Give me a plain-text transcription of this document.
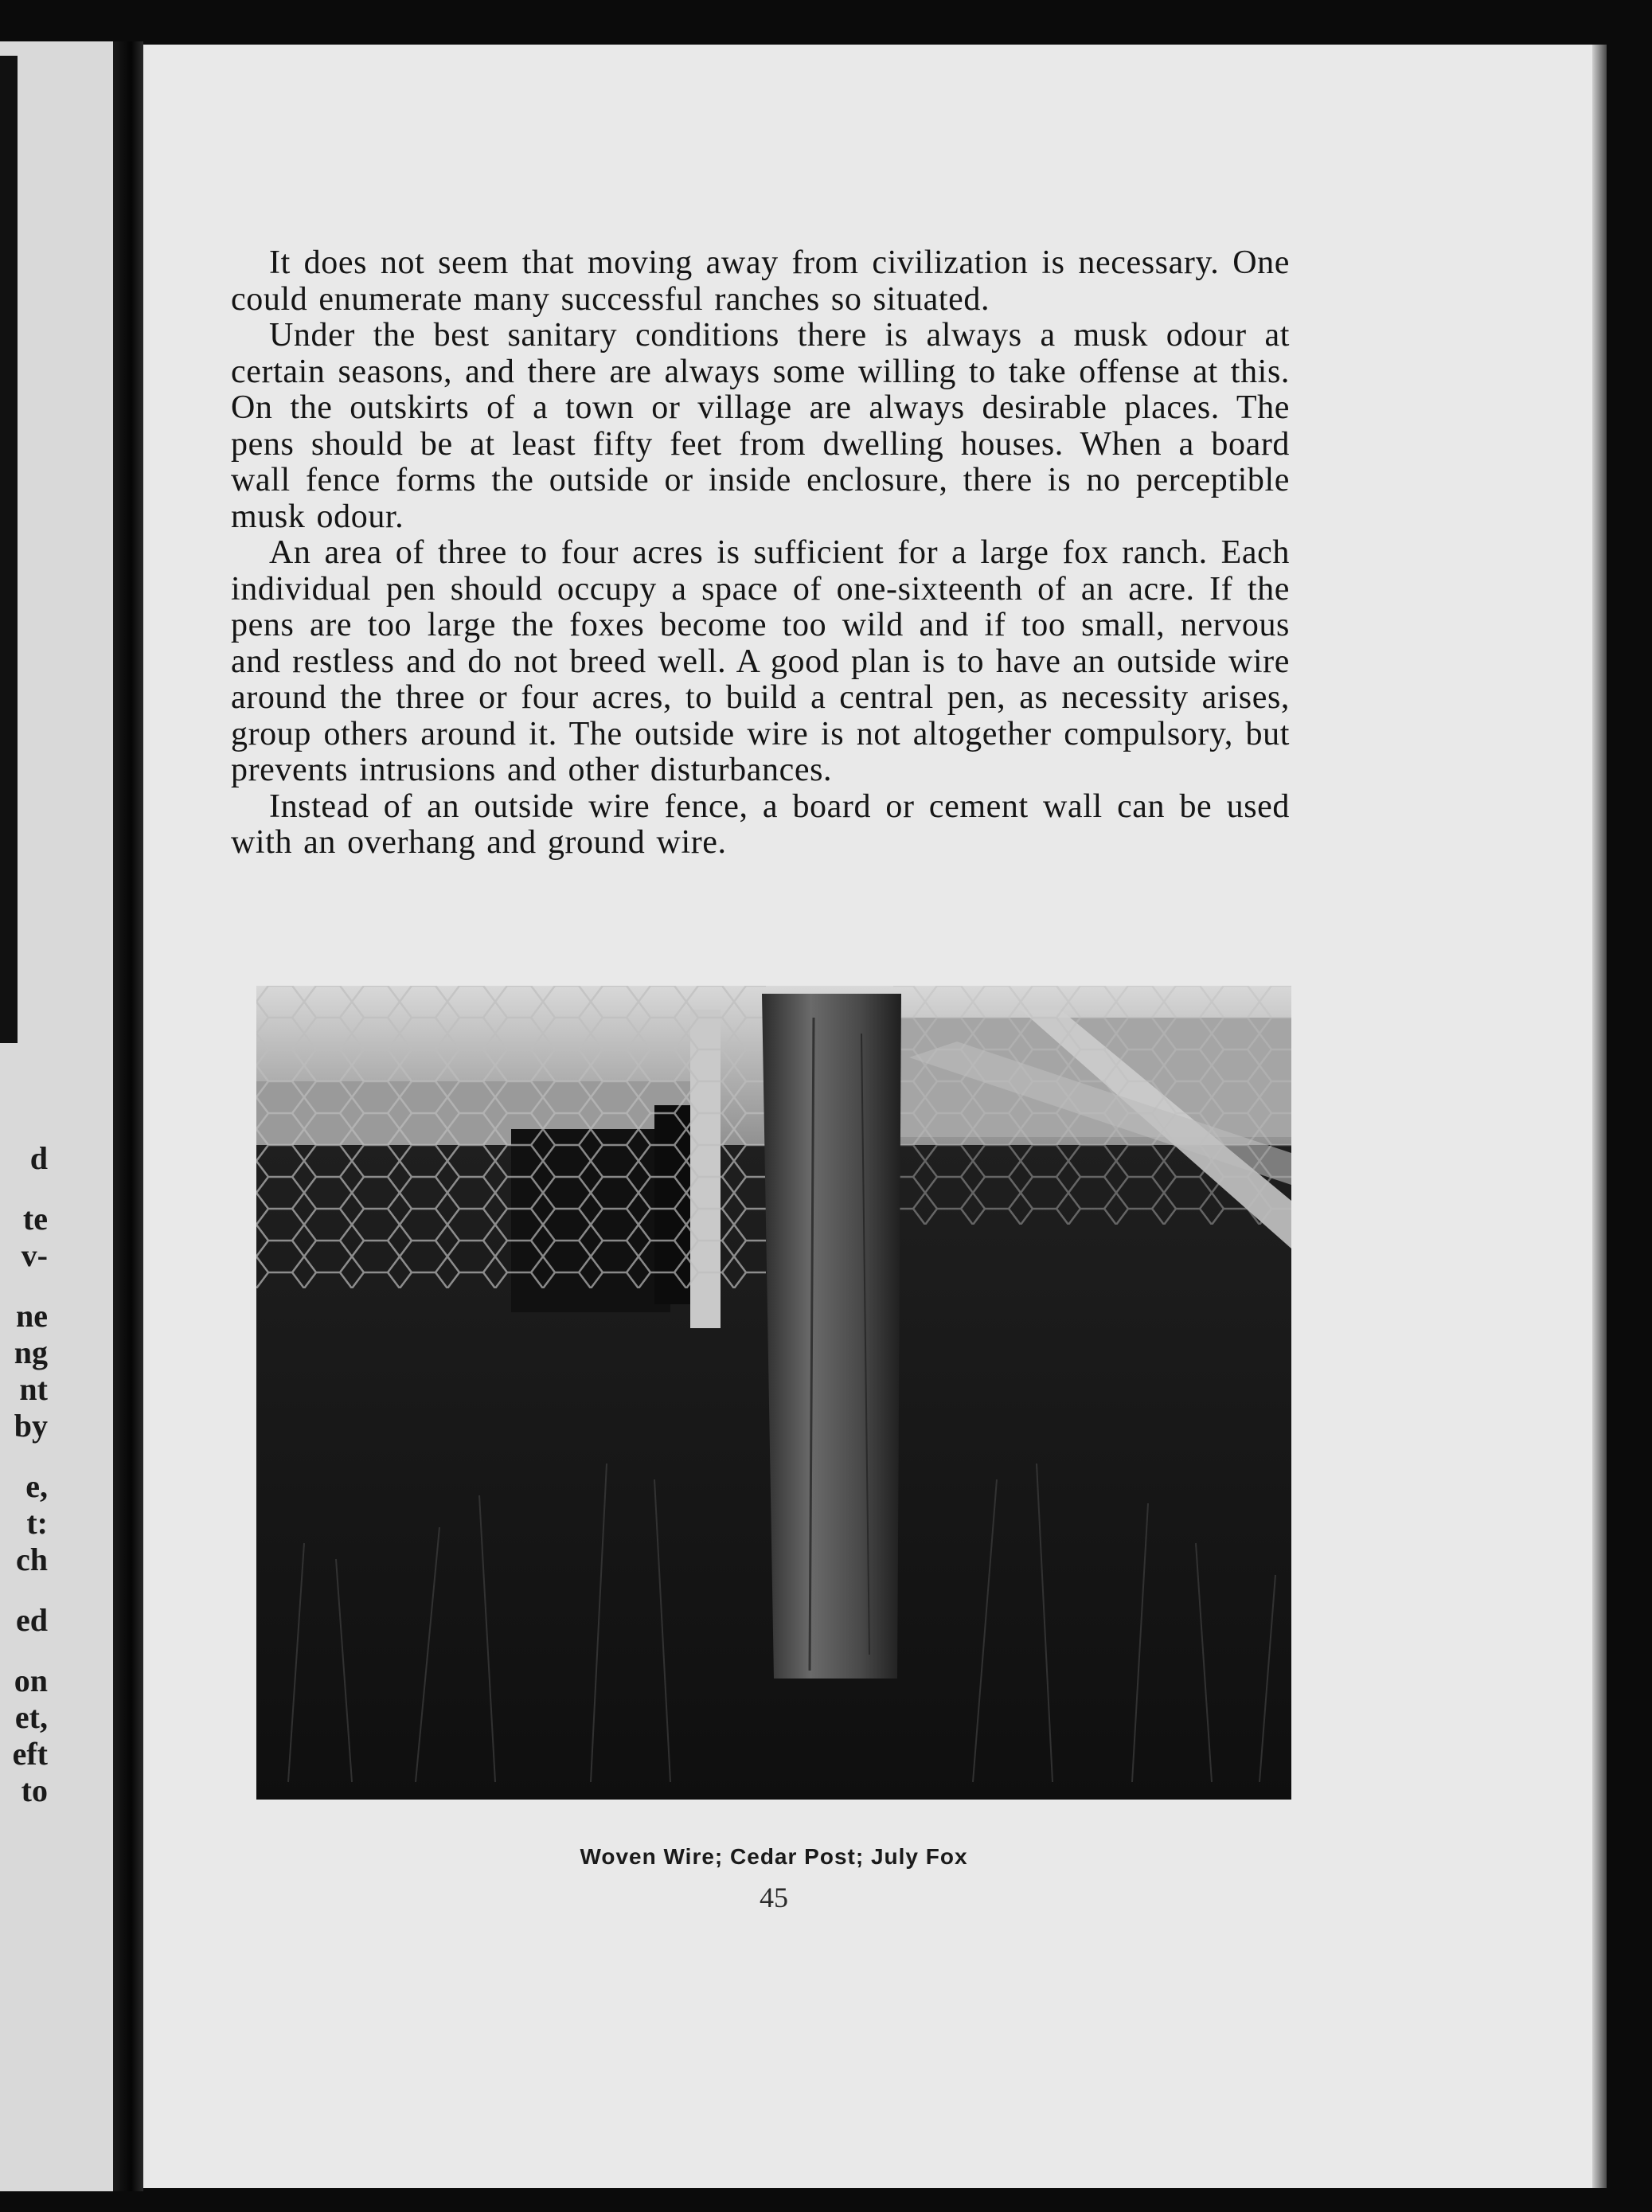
d
te
v-
ne
ng
nt
by
e,
t:
ch
ed
on
et,
eft
to

It does not seem that moving away from civilization is necessary. One could enumerate many successful ranches so situated.

Under the best sanitary conditions there is always a musk odour at certain seasons, and there are always some willing to take offense at this. On the outskirts of a town or village are always desirable places. The pens should be at least fifty feet from dwelling houses. When a board wall fence forms the outside or inside enclosure, there is no perceptible musk odour.

An area of three to four acres is sufficient for a large fox ranch. Each individual pen should occupy a space of one-sixteenth of an acre. If the pens are too large the foxes become too wild and if too small, nervous and restless and do not breed well. A good plan is to have an outside wire around the three or four acres, to build a central pen, as necessity arises, group others around it. The outside wire is not altogether compulsory, but prevents intrusions and other disturbances.

Instead of an outside wire fence, a board or cement wall can be used with an overhang and ground wire.

Woven Wire; Cedar Post; July Fox
45
